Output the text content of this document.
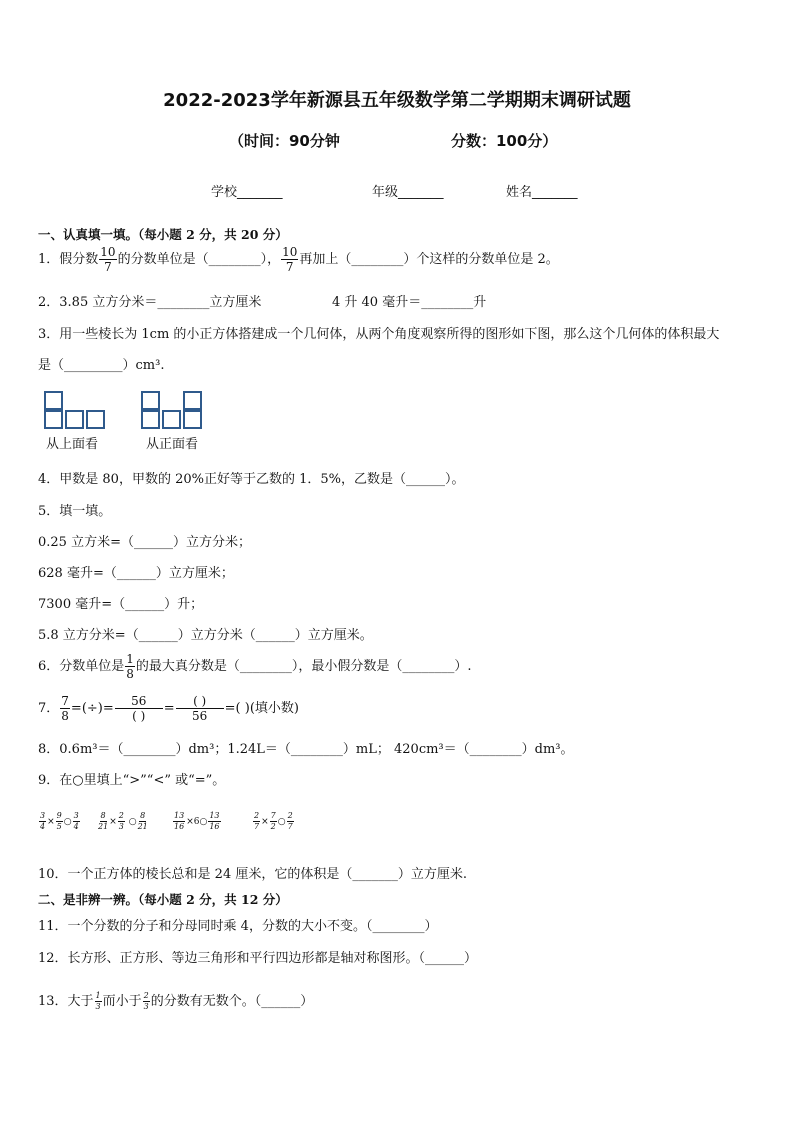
2022-2023学年新源县五年级数学第二学期期末调研试题
（时间：90分钟	分数：100分）
学校_______	年级_______	姓名_______
一、认真填一填。（每小题 2 分，共 20 分）
1．假分数 $\frac{10}{7}$ 的分数单位是（________）， $\frac{10}{7}$ 再加上（________）个这样的分数单位是 2。
2．3.85 立方分米＝________立方厘米	4 升 40 毫升＝________升
3．用一些棱长为 1cm 的小正方体搭建成一个几何体，从两个角度观察所得的图形如下图，那么这个几何体的体积最大
是（_________）cm³.
从上面看	从正面看
4．甲数是 80，甲数的 20%正好等于乙数的 1．5%，乙数是（______）。
5．填一填。
0.25 立方米=（______）立方分米；
628 毫升=（______）立方厘米；
7300 毫升=（______）升；
5.8 立方分米=（______）立方分米（______）立方厘米。
6．分数单位是 $\frac{1}{8}$ 的最大真分数是（________），最小假分数是（________）.
7． $\frac{7}{8}$ =(÷)= $\frac{56}{( )} = \frac{( )}{56}$ =( )(填小数)
8．0.6m³＝（________）dm³；1.24L＝（________）mL； 420cm³＝（________）dm³。
9．在○里填上“>”“<” 或“=”。
$\frac{3}{4} \times \frac{9}{5}$ ○ $\frac{3}{4} \frac{8}{21} \times \frac{2}{3}$ ○ $\frac{8}{21}$	$\frac{13}{16}$ ×6○ $\frac{13}{16}$	$\frac{2}{7} \times \frac{7}{2}$ ○ $\frac{2}{7}$
10．一个正方体的棱长总和是 24 厘米，它的体积是（_______）立方厘米.
二、是非辨一辨。（每小题 2 分，共 12 分）
11．一个分数的分子和分母同时乘 4，分数的大小不变。（________）
12．长方形、正方形、等边三角形和平行四边形都是轴对称图形。（______）
13．大于 $\frac{1}{3}$ 而小于 $\frac{2}{3}$ 的分数有无数个。（______）
